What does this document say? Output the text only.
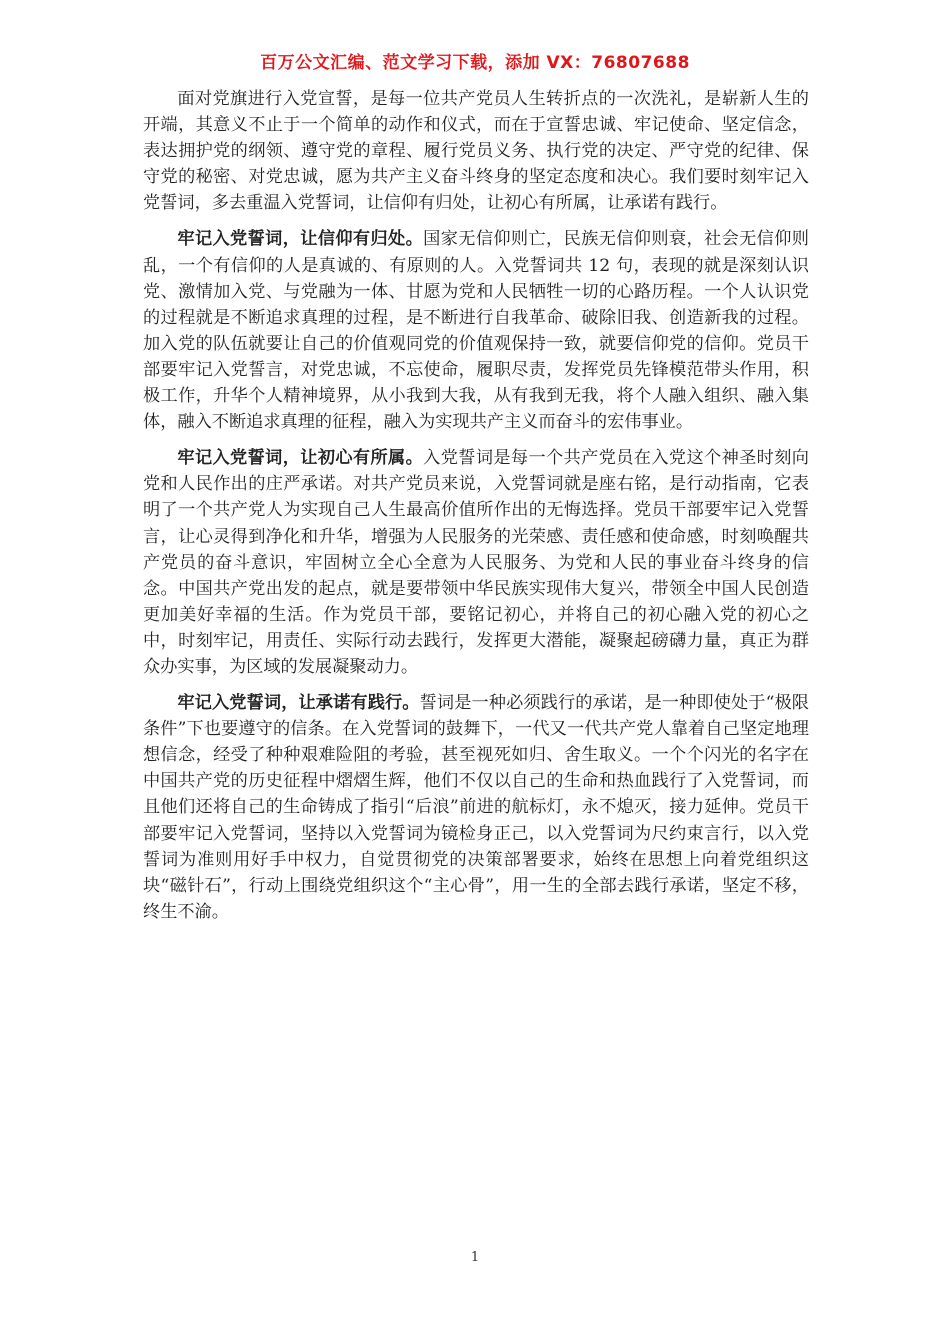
百万公文汇编、范文学习下载，添加 VX：76807688

面对党旗进行入党宣誓，是每一位共产党员人生转折点的一次洗礼，是崭新人生的开端，其意义不止于一个简单的动作和仪式，而在于宣誓忠诚、牢记使命、坚定信念，表达拥护党的纲领、遵守党的章程、履行党员义务、执行党的决定、严守党的纪律、保守党的秘密、对党忠诚，愿为共产主义奋斗终身的坚定态度和决心。我们要时刻牢记入党誓词，多去重温入党誓词，让信仰有归处，让初心有所属，让承诺有践行。

牢记入党誓词，让信仰有归处。国家无信仰则亡，民族无信仰则衰，社会无信仰则乱，一个有信仰的人是真诚的、有原则的人。入党誓词共 12 句，表现的就是深刻认识党、激情加入党、与党融为一体、甘愿为党和人民牺牲一切的心路历程。一个人认识党的过程就是不断追求真理的过程，是不断进行自我革命、破除旧我、创造新我的过程。加入党的队伍就要让自己的价值观同党的价值观保持一致，就要信仰党的信仰。党员干部要牢记入党誓言，对党忠诚，不忘使命，履职尽责，发挥党员先锋模范带头作用，积极工作，升华个人精神境界，从小我到大我，从有我到无我，将个人融入组织、融入集体，融入不断追求真理的征程，融入为实现共产主义而奋斗的宏伟事业。

牢记入党誓词，让初心有所属。入党誓词是每一个共产党员在入党这个神圣时刻向党和人民作出的庄严承诺。对共产党员来说，入党誓词就是座右铭，是行动指南，它表明了一个共产党人为实现自己人生最高价值所作出的无悔选择。党员干部要牢记入党誓言，让心灵得到净化和升华，增强为人民服务的光荣感、责任感和使命感，时刻唤醒共产党员的奋斗意识，牢固树立全心全意为人民服务、为党和人民的事业奋斗终身的信念。中国共产党出发的起点，就是要带领中华民族实现伟大复兴，带领全中国人民创造更加美好幸福的生活。作为党员干部，要铭记初心，并将自己的初心融入党的初心之中，时刻牢记，用责任、实际行动去践行，发挥更大潜能，凝聚起磅礴力量，真正为群众办实事，为区域的发展凝聚动力。

牢记入党誓词，让承诺有践行。誓词是一种必须践行的承诺，是一种即使处于“极限条件”下也要遵守的信条。在入党誓词的鼓舞下，一代又一代共产党人靠着自己坚定地理想信念，经受了种种艰难险阻的考验，甚至视死如归、舍生取义。一个个闪光的名字在中国共产党的历史征程中熠熠生辉，他们不仅以自己的生命和热血践行了入党誓词，而且他们还将自己的生命铸成了指引“后浪”前进的航标灯，永不熄灭，接力延伸。党员干部要牢记入党誓词，坚持以入党誓词为镜检身正己，以入党誓词为尺约束言行，以入党誓词为准则用好手中权力，自觉贯彻党的决策部署要求，始终在思想上向着党组织这块“磁针石”，行动上围绕党组织这个“主心骨”，用一生的全部去践行承诺，坚定不移，终生不渝。

1
